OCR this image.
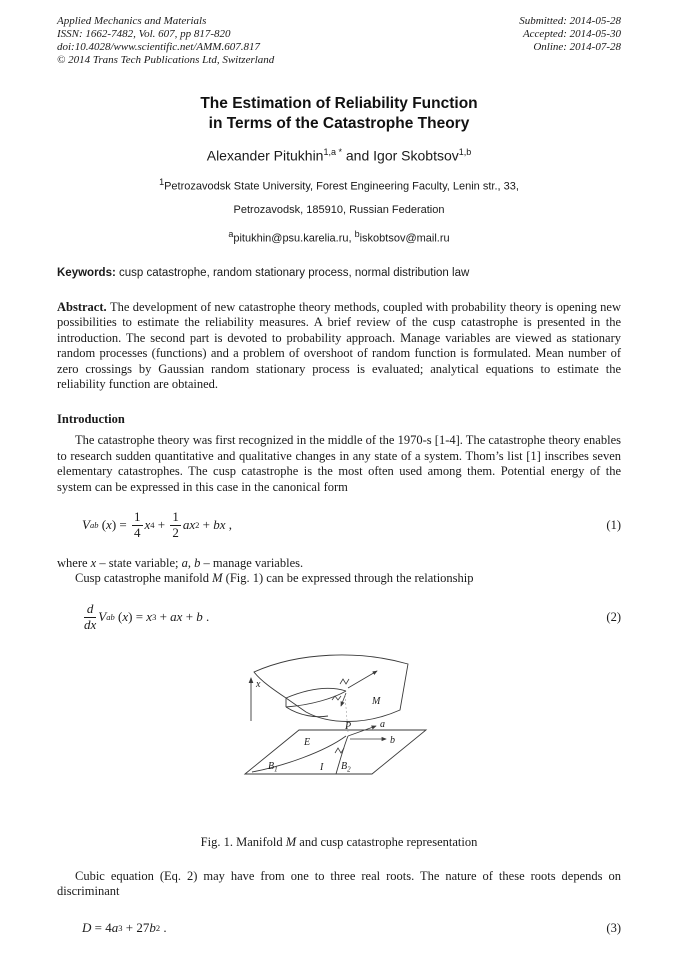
Applied Mechanics and Materials
ISSN: 1662-7482, Vol. 607, pp 817-820
doi:10.4028/www.scientific.net/AMM.607.817
© 2014 Trans Tech Publications Ltd, Switzerland
Submitted: 2014-05-28
Accepted: 2014-05-30
Online: 2014-07-28
The Estimation of Reliability Function
in Terms of the Catastrophe Theory
Alexander Pitukhin$^{1,a *}$ and Igor Skobtsov$^{1,b}$
$^1$Petrozavodsk State University, Forest Engineering Faculty, Lenin str., 33,
Petrozavodsk, 185910, Russian Federation
$^a$pitukhin@psu.karelia.ru, $^b$iskobtsov@mail.ru
Keywords: cusp catastrophe, random stationary process, normal distribution law

Abstract. The development of new catastrophe theory methods, coupled with probability theory is opening new possibilities to estimate the reliability measures. A brief review of the cusp catastrophe is presented in the introduction. The second part is devoted to probability approach. Manage variables are viewed as stationary random processes (functions) and a problem of overshoot of random function is formulated. Mean number of zero crossings by Gaussian random stationary process is evaluated; analytical equations to estimate the reliability function are obtained.

Introduction

The catastrophe theory was first recognized in the middle of the 1970-s [1-4]. The catastrophe theory enables to research sudden quantitative and qualitative changes in any state of a system. Thom’s list [1] inscribes seven elementary catastrophes. The cusp catastrophe is the most often used among them. Potential energy of the system can be expressed in this case in the canonical form

V ab ( x ) = $\frac{1}{4}$ x $4 + \frac{1}{2}$ ax 2 + bx ,	(1)

where x – state variable; a, b – manage variables.

Cusp catastrophe manifold M (Fig. 1) can be expressed through the relationship

$\frac{d}{dx}$ V ab ( x ) = x 3 + ax + b .	(2)
x
M
E
$B_1$	I $B_2$
P	a
b

Fig. 1. Manifold M and cusp catastrophe representation

Cubic equation (Eq. 2) may have from one to three real roots. The nature of these roots depends on discriminant

D = 4 a 3 + 27 b 2 .	(3)
